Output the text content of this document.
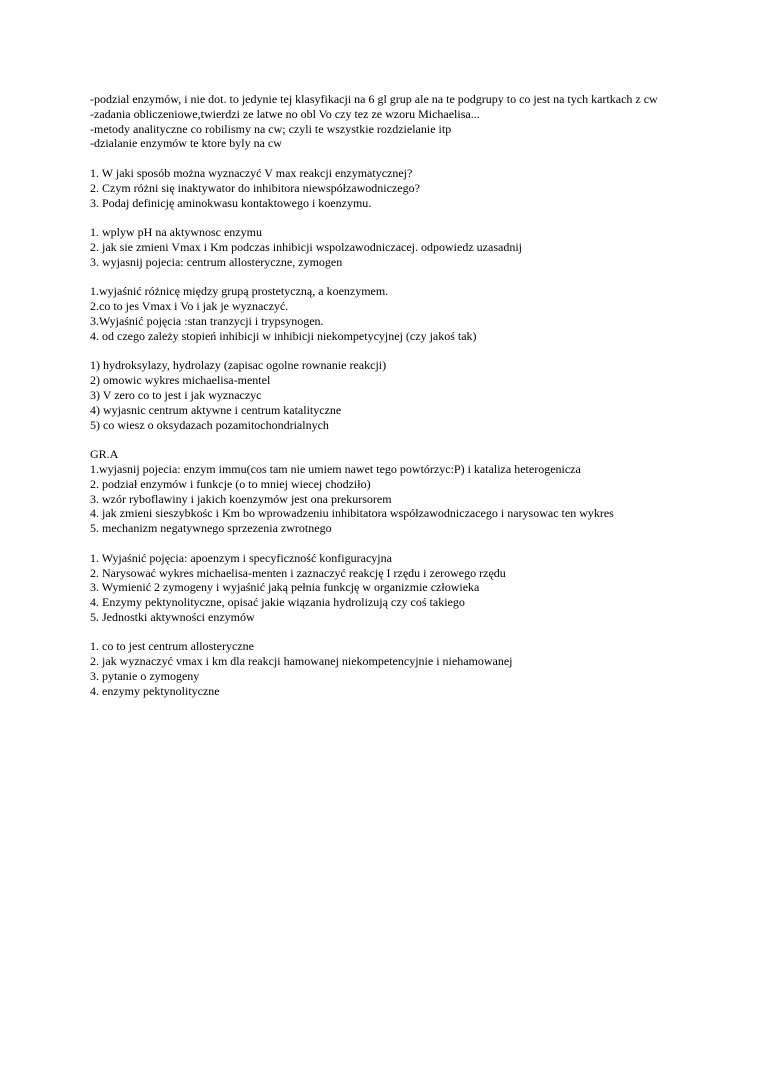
-podzial enzymów, i nie dot. to jedynie tej klasyfikacji na 6 gl grup ale na te podgrupy to co jest na tych kartkach z cw
-zadania obliczeniowe,twierdzi ze latwe no obl Vo czy tez ze wzoru Michaelisa...
-metody analityczne co robilismy na cw; czyli te wszystkie rozdzielanie itp
-dzialanie enzymów te ktore byly na cw
1. W jaki sposób można wyznaczyć V max reakcji enzymatycznej?
2. Czym różni się inaktywator do inhibitora niewspółzawodniczego?
3. Podaj definicję aminokwasu kontaktowego i koenzymu.
1. wplyw pH na aktywnosc enzymu
2. jak sie zmieni Vmax i Km podczas inhibicji wspolzawodniczacej. odpowiedz uzasadnij
3. wyjasnij pojecia: centrum allosteryczne, zymogen
1.wyjaśnić różnicę między grupą prostetyczną, a koenzymem.
2.co to jes Vmax i Vo i jak je wyznaczyć.
3.Wyjaśnić pojęcia :stan tranzycji i trypsynogen.
4. od czego zależy stopień inhibicji w inhibicji niekompetycyjnej (czy jakoś tak)
1) hydroksylazy, hydrolazy (zapisac ogolne rownanie reakcji)
2) omowic wykres michaelisa-mentel
3) V zero co to jest i jak wyznaczyc
4) wyjasnic centrum aktywne i centrum katalityczne
5) co wiesz o oksydazach pozamitochondrialnych
GR.A
1.wyjasnij pojecia: enzym immu(cos tam nie umiem nawet tego powtórzyc:P) i kataliza heterogenicza
2. podział enzymów i funkcje (o to mniej wiecej chodziło)
3. wzór ryboflawiny i jakich koenzymów jest ona prekursorem
4. jak zmieni sieszybkośc i Km bo wprowadzeniu inhibitatora współzawodniczacego i narysowac ten wykres
5. mechanizm negatywnego sprzezenia zwrotnego
1. Wyjaśnić pojęcia: apoenzym i specyficzność konfiguracyjna
2. Narysować wykres michaelisa-menten i zaznaczyć reakcję I rzędu i zerowego rzędu
3. Wymienić 2 zymogeny i wyjaśnić jaką pełnia funkcję w organizmie człowieka
4. Enzymy pektynolityczne, opisać jakie wiązania hydrolizują czy coś takiego
5. Jednostki aktywności enzymów
1. co to jest centrum allosteryczne
2. jak wyznaczyć vmax i km dla reakcji hamowanej niekompetencyjnie i niehamowanej
3. pytanie o zymogeny
4. enzymy pektynolityczne
